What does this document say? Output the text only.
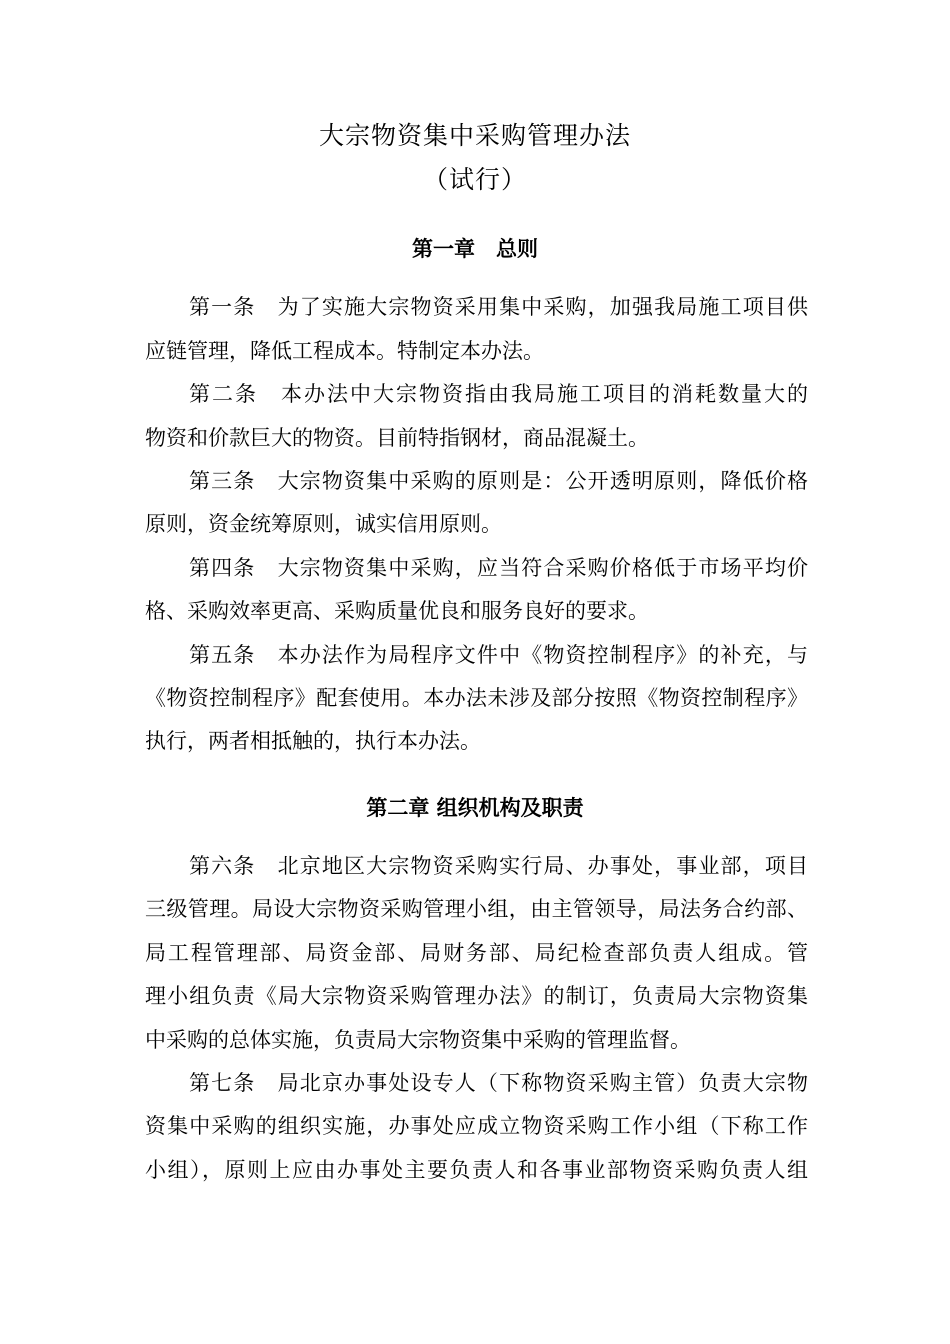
大宗物资集中采购管理办法
（试行）
第一章　总则
第一条　为了实施大宗物资采用集中采购，加强我局施工项目供
应链管理，降低工程成本。特制定本办法。
第二条　本办法中大宗物资指由我局施工项目的消耗数量大的
物资和价款巨大的物资。目前特指钢材，商品混凝土。
第三条　大宗物资集中采购的原则是：公开透明原则，降低价格
原则，资金统筹原则，诚实信用原则。
第四条　大宗物资集中采购，应当符合采购价格低于市场平均价
格、采购效率更高、采购质量优良和服务良好的要求。
第五条　本办法作为局程序文件中《物资控制程序》的补充，与
《物资控制程序》配套使用。本办法未涉及部分按照《物资控制程序》
执行，两者相抵触的，执行本办法。
第二章 组织机构及职责
第六条　北京地区大宗物资采购实行局、办事处，事业部，项目
三级管理。局设大宗物资采购管理小组，由主管领导，局法务合约部、
局工程管理部、局资金部、局财务部、局纪检查部负责人组成。管
理小组负责《局大宗物资采购管理办法》的制订，负责局大宗物资集
中采购的总体实施，负责局大宗物资集中采购的管理监督。
第七条　局北京办事处设专人（下称物资采购主管）负责大宗物
资集中采购的组织实施，办事处应成立物资采购工作小组（下称工作
小组），原则上应由办事处主要负责人和各事业部物资采购负责人组
